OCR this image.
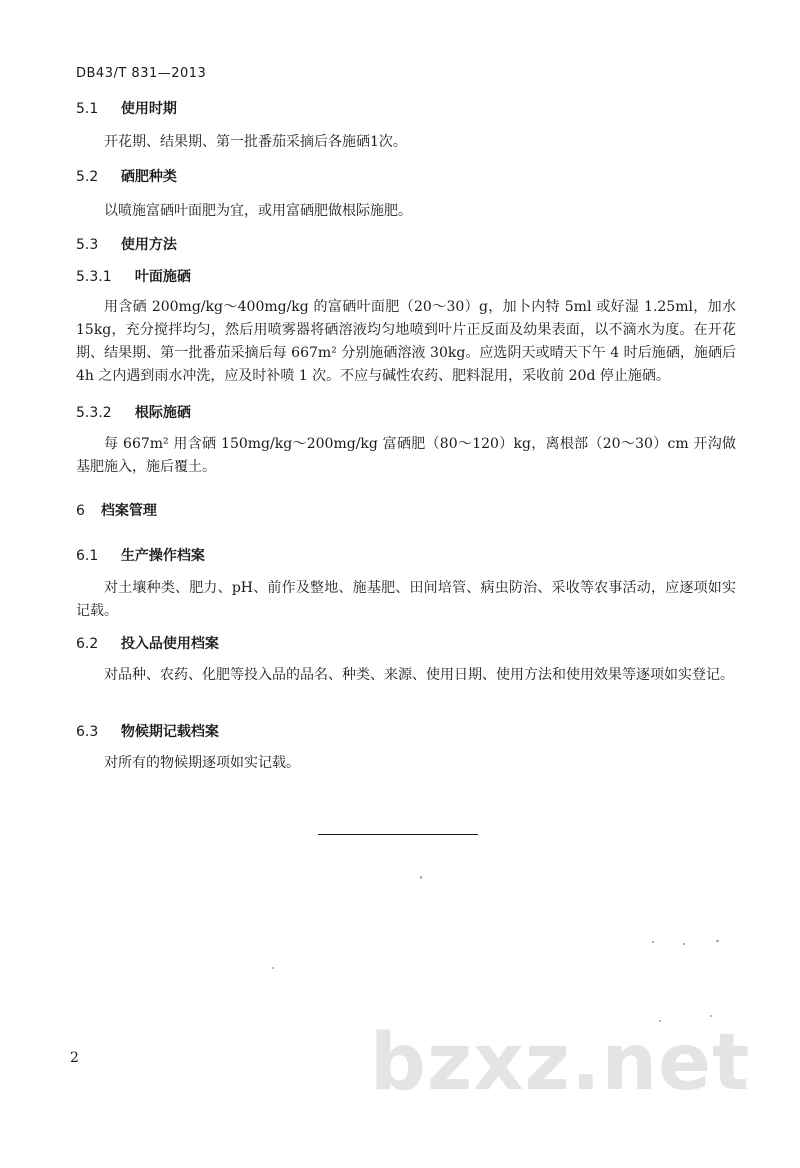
DB43/T 831—2013
5.1 使用时期
开花期、结果期、第一批番茄采摘后各施硒1次。
5.2 硒肥种类
以喷施富硒叶面肥为宜，或用富硒肥做根际施肥。
5.3 使用方法
5.3.1 叶面施硒
用含硒 200mg/kg～400mg/kg 的富硒叶面肥（20～30）g，加卜内特 5ml 或好湿 1.25ml，加水 15kg，充分搅拌均匀，然后用喷雾器将硒溶液均匀地喷到叶片正反面及幼果表面，以不滴水为度。在开花期、结果期、第一批番茄采摘后每 667m² 分别施硒溶液 30kg。应选阴天或晴天下午 4 时后施硒，施硒后 4h 之内遇到雨水冲洗，应及时补喷 1 次。不应与碱性农药、肥料混用，采收前 20d 停止施硒。
5.3.2 根际施硒
每 667m² 用含硒 150mg/kg～200mg/kg 富硒肥（80～120）kg，离根部（20～30）cm 开沟做基肥施入，施后覆土。
6 档案管理
6.1 生产操作档案
对土壤种类、肥力、pH、前作及整地、施基肥、田间培管、病虫防治、采收等农事活动，应逐项如实记载。
6.2 投入品使用档案
对品种、农药、化肥等投入品的品名、种类、来源、使用日期、使用方法和使用效果等逐项如实登记。
6.3 物候期记载档案
对所有的物候期逐项如实记载。
2	bzxz.net
